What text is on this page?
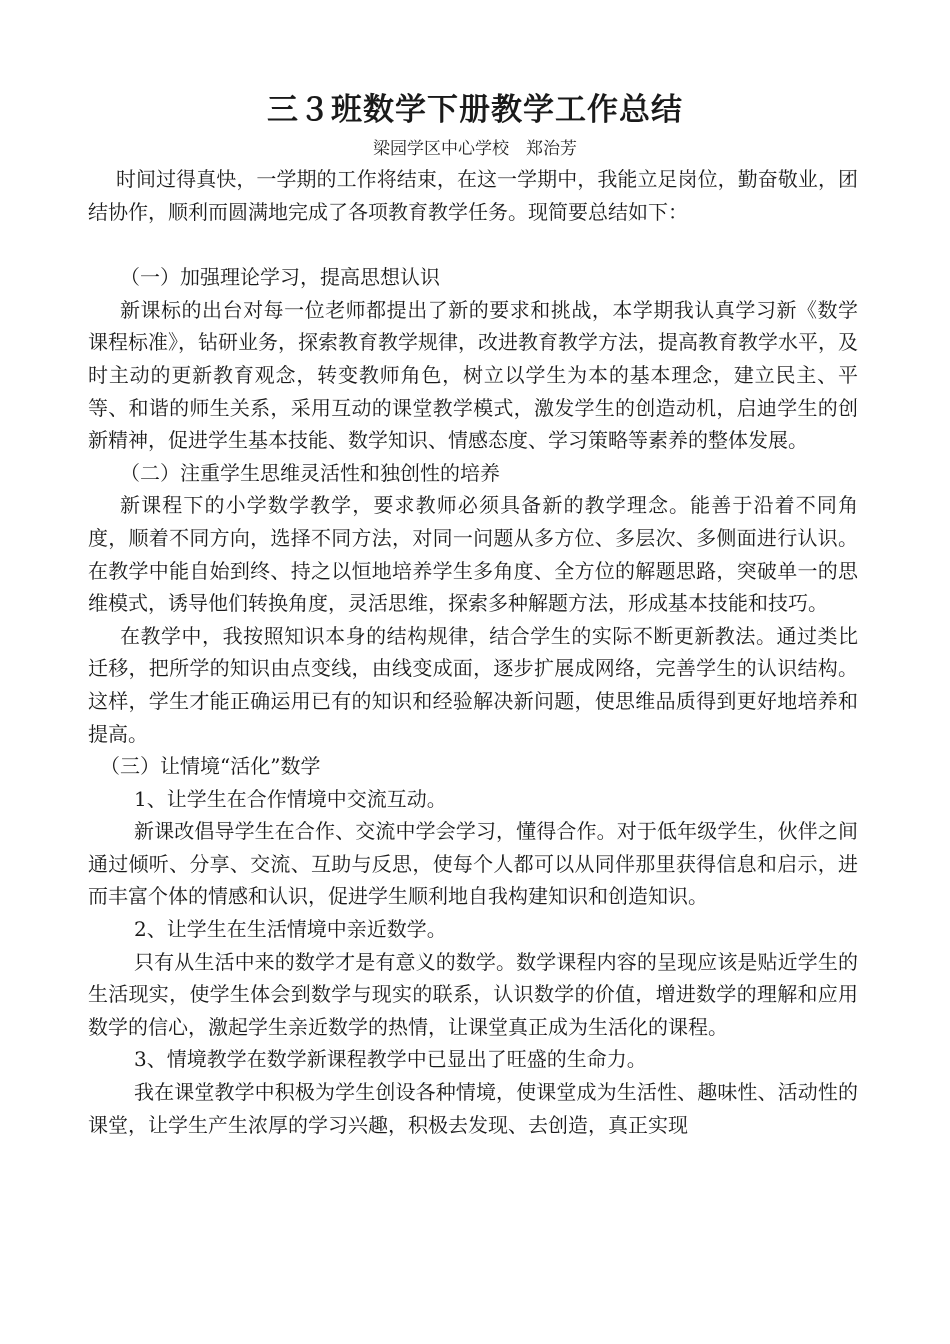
三３班数学下册教学工作总结
梁园学区中心学校　郑治芳

时间过得真快，一学期的工作将结束，在这一学期中，我能立足岗位，勤奋敬业，团结协作，顺利而圆满地完成了各项教育教学任务。现简要总结如下：

（一）加强理论学习，提高思想认识

新课标的出台对每一位老师都提出了新的要求和挑战，本学期我认真学习新《数学课程标准》，钻研业务，探索教育教学规律，改进教育教学方法，提高教育教学水平，及时主动的更新教育观念，转变教师角色，树立以学生为本的基本理念，建立民主、平等、和谐的师生关系，采用互动的课堂教学模式，激发学生的创造动机，启迪学生的创新精神，促进学生基本技能、数学知识、情感态度、学习策略等素养的整体发展。

（二）注重学生思维灵活性和独创性的培养

新课程下的小学数学教学，要求教师必须具备新的教学理念。能善于沿着不同角度，顺着不同方向，选择不同方法，对同一问题从多方位、多层次、多侧面进行认识。在教学中能自始到终、持之以恒地培养学生多角度、全方位的解题思路，突破单一的思维模式，诱导他们转换角度，灵活思维，探索多种解题方法，形成基本技能和技巧。

在教学中，我按照知识本身的结构规律，结合学生的实际不断更新教法。通过类比迁移，把所学的知识由点变线，由线变成面，逐步扩展成网络，完善学生的认识结构。这样，学生才能正确运用已有的知识和经验解决新问题，使思维品质得到更好地培养和提高。

（三）让情境“活化”数学

1、让学生在合作情境中交流互动。

新课改倡导学生在合作、交流中学会学习，懂得合作。对于低年级学生，伙伴之间通过倾听、分享、交流、互助与反思，使每个人都可以从同伴那里获得信息和启示，进而丰富个体的情感和认识，促进学生顺利地自我构建知识和创造知识。

2、让学生在生活情境中亲近数学。

只有从生活中来的数学才是有意义的数学。数学课程内容的呈现应该是贴近学生的生活现实，使学生体会到数学与现实的联系，认识数学的价值，增进数学的理解和应用数学的信心，激起学生亲近数学的热情，让课堂真正成为生活化的课程。

3、情境教学在数学新课程教学中已显出了旺盛的生命力。

我在课堂教学中积极为学生创设各种情境，使课堂成为生活性、趣味性、活动性的课堂，让学生产生浓厚的学习兴趣，积极去发现、去创造，真正实现
